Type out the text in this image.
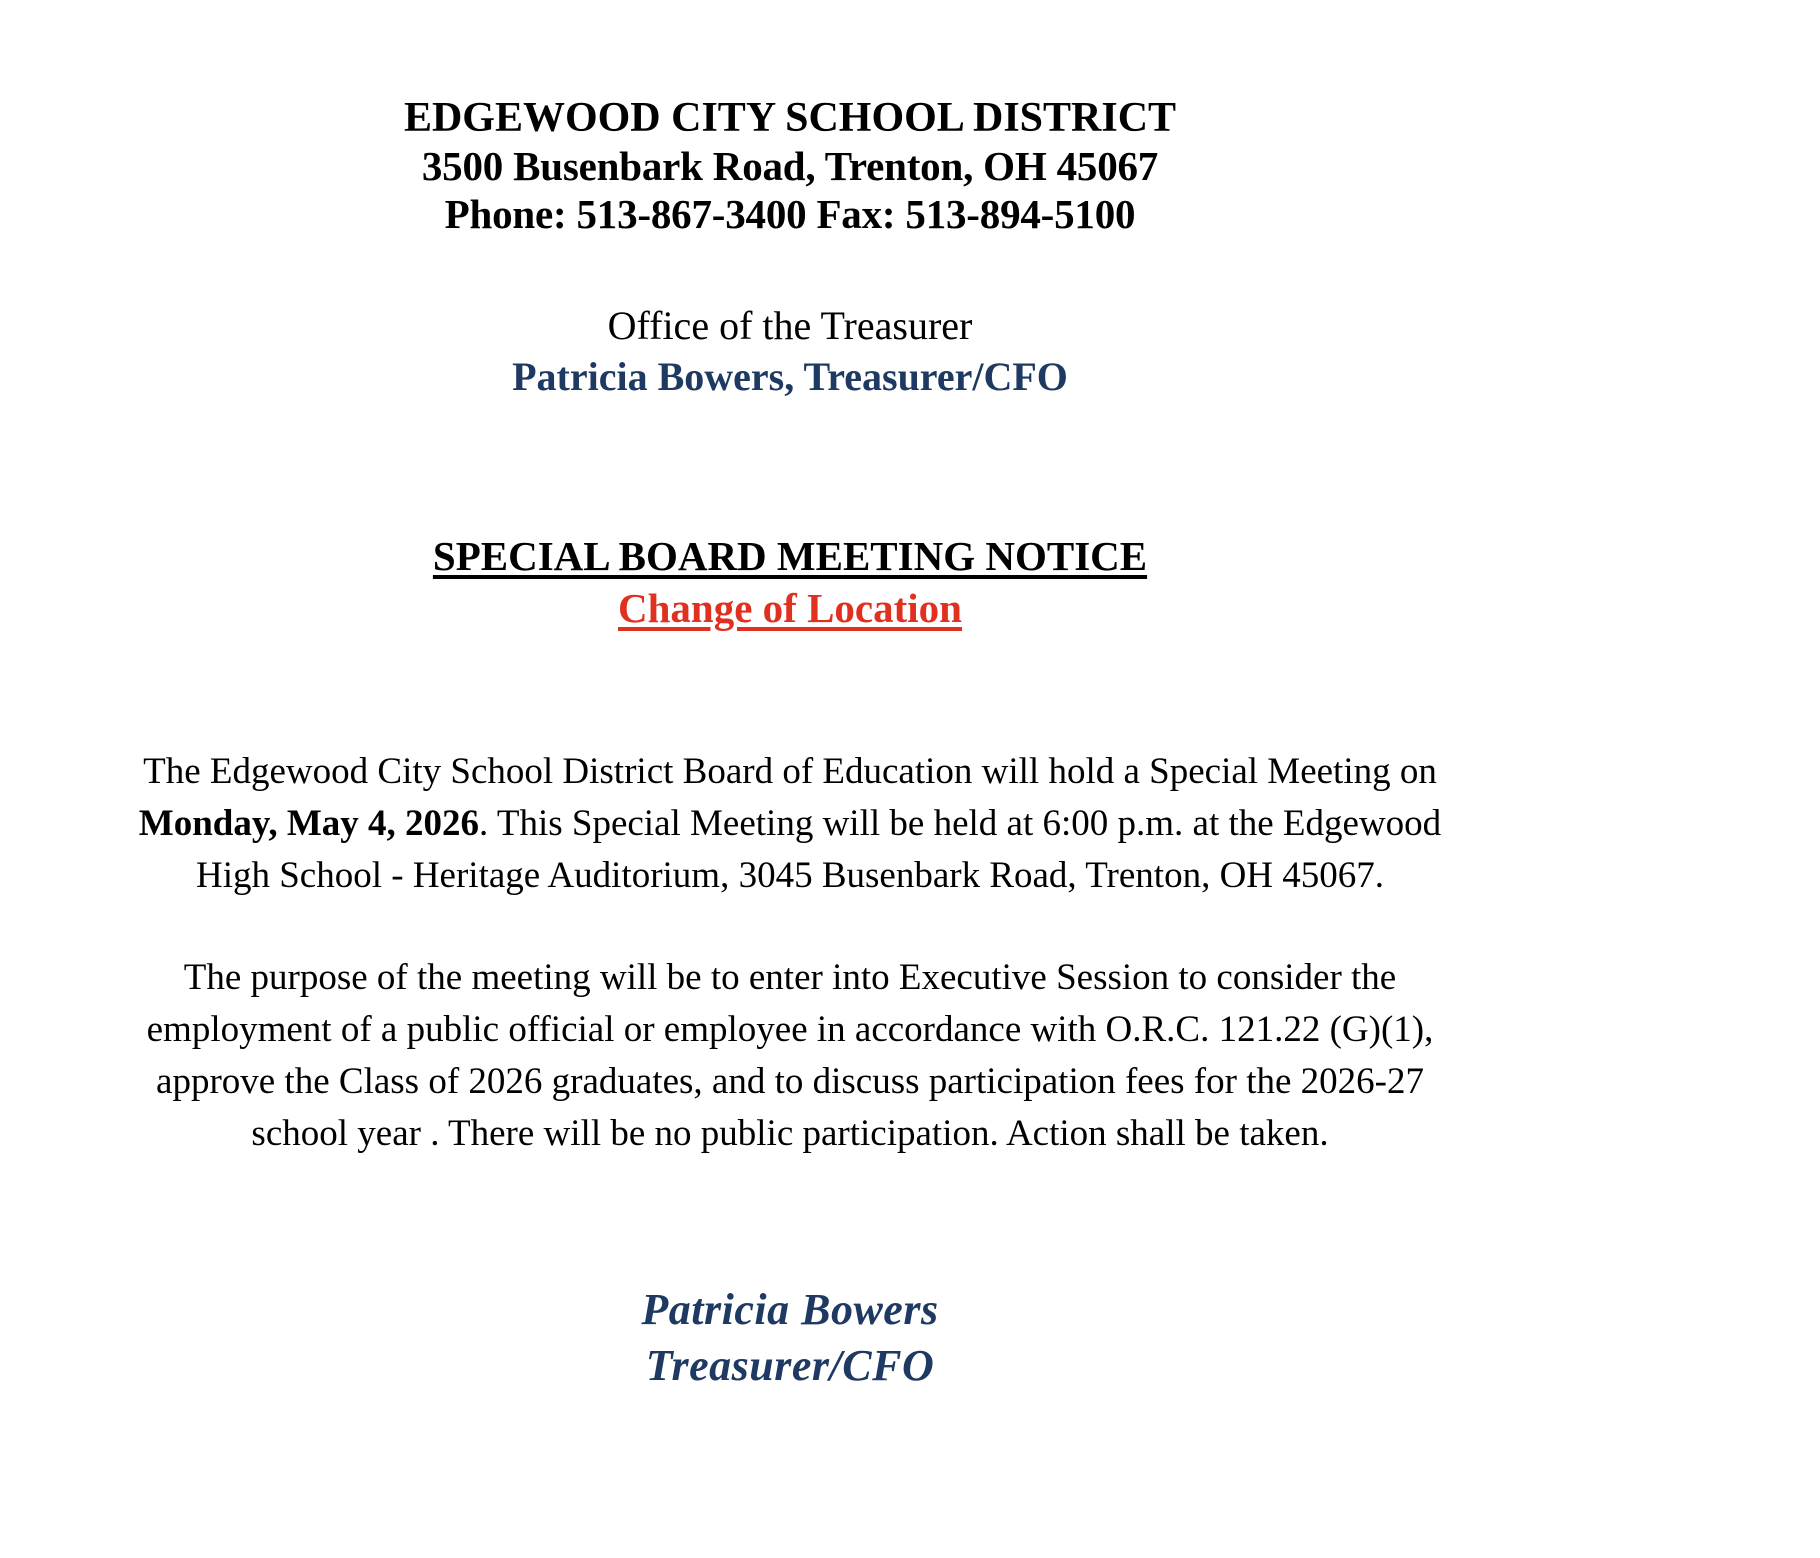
EDGEWOOD CITY SCHOOL DISTRICT
3500 Busenbark Road, Trenton, OH 45067
Phone: 513-867-3400 Fax: 513-894-5100
Office of the Treasurer
Patricia Bowers, Treasurer/CFO
SPECIAL BOARD MEETING NOTICE
Change of Location

The Edgewood City School District Board of Education will hold a Special Meeting on Monday, May 4, 2026. This Special Meeting will be held at 6:00 p.m. at the Edgewood High School - Heritage Auditorium, 3045 Busenbark Road, Trenton, OH 45067.

The purpose of the meeting will be to enter into Executive Session to consider the employment of a public official or employee in accordance with O.R.C. 121.22 (G)(1), approve the Class of 2026 graduates, and to discuss participation fees for the 2026-27 school year . There will be no public participation. Action shall be taken.

Patricia Bowers
Treasurer/CFO
